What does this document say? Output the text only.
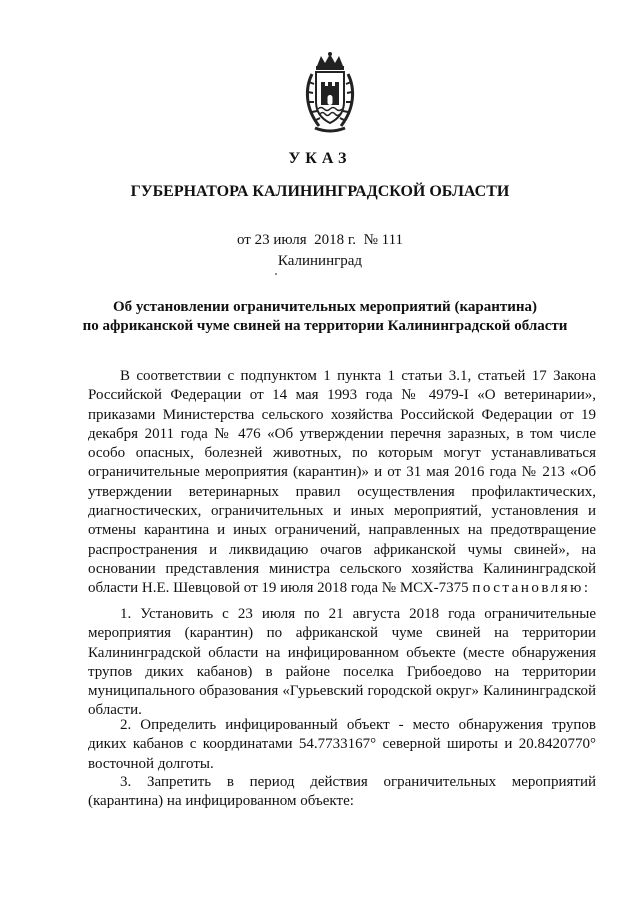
УКАЗ
ГУБЕРНАТОРА КАЛИНИНГРАДСКОЙ ОБЛАСТИ
от 23 июля 2018 г. № 111
Калининград
Об установлении ограничительных мероприятий (карантина)
по африканской чуме свиней на территории Калининградской области

В соответствии с подпунктом 1 пункта 1 статьи 3.1, статьей 17 Закона Российской Федерации от 14 мая 1993 года № 4979-I «О ветеринарии», приказами Министерства сельского хозяйства Российской Федерации от 19 декабря 2011 года № 476 «Об утверждении перечня заразных, в том числе особо опасных, болезней животных, по которым могут устанавливаться ограничительные мероприятия (карантин)» и от 31 мая 2016 года № 213 «Об утверждении ветеринарных правил осуществления профилактических, диагностических, ограничительных и иных мероприятий, установления и отмены карантина и иных ограничений, направленных на предотвращение распространения и ликвидацию очагов африканской чумы свиней», на основании представления министра сельского хозяйства Калининградской области Н.Е. Шевцовой от 19 июля 2018 года № МСХ-7375 постановляю:

1. Установить с 23 июля по 21 августа 2018 года ограничительные мероприятия (карантин) по африканской чуме свиней на территории Калининградской области на инфицированном объекте (месте обнаружения трупов диких кабанов) в районе поселка Грибоедово на территории муниципального образования «Гурьевский городской округ» Калининградской области.

2. Определить инфицированный объект - место обнаружения трупов диких кабанов с координатами 54.7733167° северной широты и 20.8420770° восточной долготы.

3. Запретить в период действия ограничительных мероприятий (карантина) на инфицированном объекте:
